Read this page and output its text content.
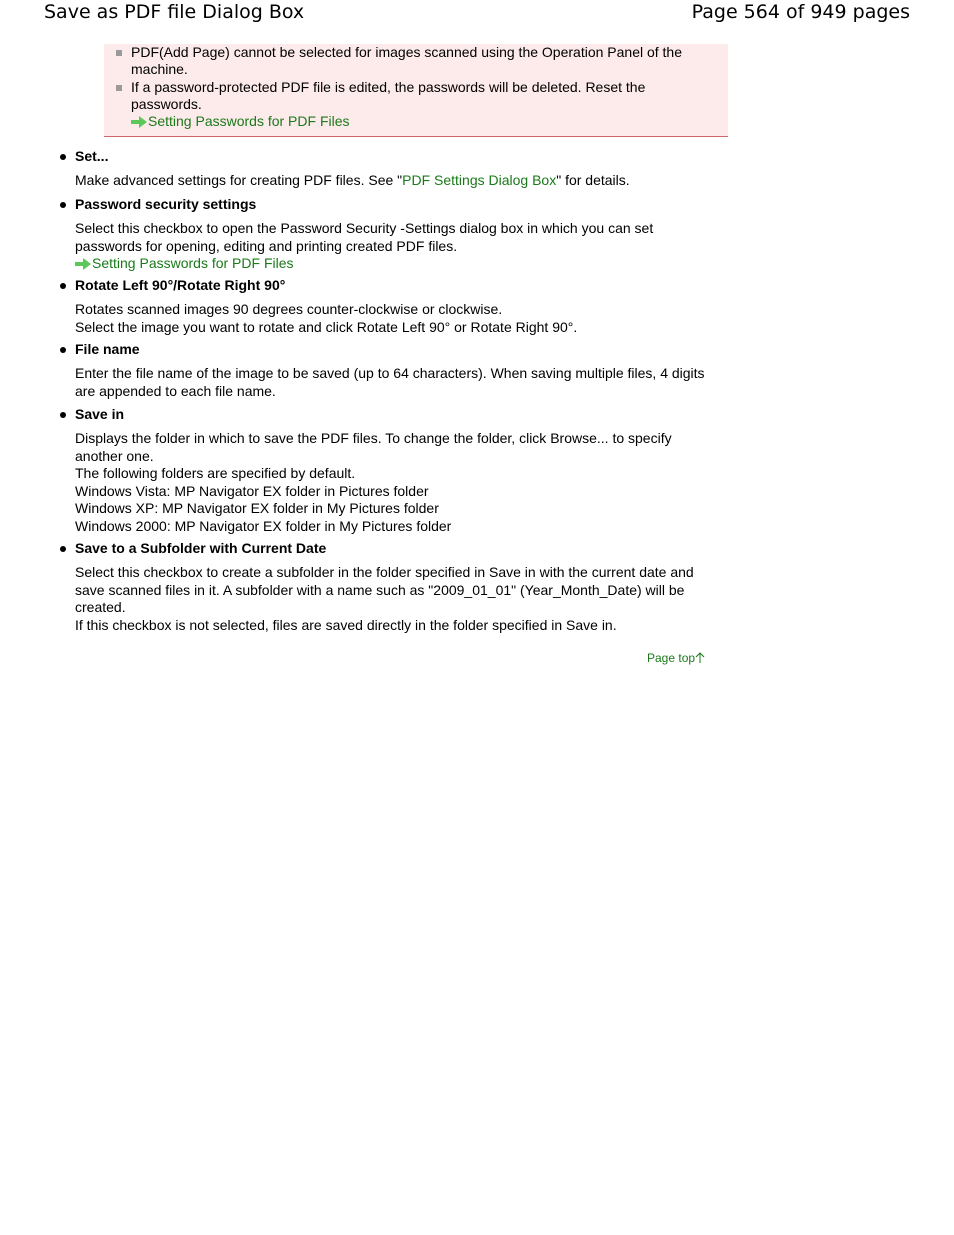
Save as PDF file Dialog Box	Page 564 of 949 pages
PDF(Add Page) cannot be selected for images scanned using the Operation Panel of the
machine.
If a password-protected PDF file is edited, the passwords will be deleted. Reset the
passwords.
Setting Passwords for PDF Files
Set...
Make advanced settings for creating PDF files. See "PDF Settings Dialog Box" for details.
Password security settings
Select this checkbox to open the Password Security -Settings dialog box in which you can set
passwords for opening, editing and printing created PDF files.
Setting Passwords for PDF Files
Rotate Left 90°/Rotate Right 90°
Rotates scanned images 90 degrees counter-clockwise or clockwise.
Select the image you want to rotate and click Rotate Left 90° or Rotate Right 90°.
File name
Enter the file name of the image to be saved (up to 64 characters). When saving multiple files, 4 digits
are appended to each file name.
Save in
Displays the folder in which to save the PDF files. To change the folder, click Browse... to specify
another one.
The following folders are specified by default.
Windows Vista: MP Navigator EX folder in Pictures folder
Windows XP: MP Navigator EX folder in My Pictures folder
Windows 2000: MP Navigator EX folder in My Pictures folder
Save to a Subfolder with Current Date
Select this checkbox to create a subfolder in the folder specified in Save in with the current date and
save scanned files in it. A subfolder with a name such as "2009_01_01" (Year_Month_Date) will be
created.
If this checkbox is not selected, files are saved directly in the folder specified in Save in.
Page top
